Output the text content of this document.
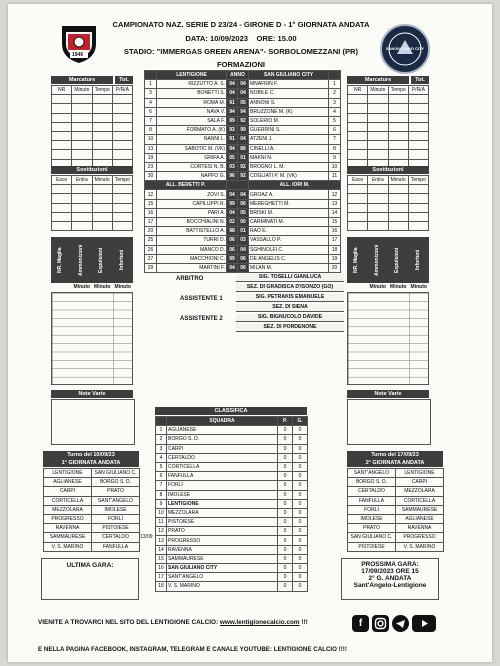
1946
SANGIULIANO CITY
CAMPIONATO NAZ. SERIE D 23/24 - GIRONE D - 1° GIORNATA ANDATA
DATA: 10/09/2023    ORE: 15.00
STADIO: "IMMERGAS GREEN ARENA"- SORBOLOMEZZANI (PR)
FORMAZIONI
	LENTIGIONE	ANNO		SAN GIULIANO CITY	
1	RIZZUTTO A. S.	04	04	MNAFRIN F.	1
3	BONETTI S.	04	04	NOBILE C.	2
4	ROMA M.	91	05	ANNONI S.	3
6	NAVA V.	94	94	BRUZZONE M. (K)	4
7	SALA F.	99	92	SOLERIO M.	5
8	FORMATO A. (K)	93	99	GUERRINI S.	6
10	NANNI L.	91	04	ATZENI J.	7
13	SABOTIC M. (VK)	94	89	CINELLI A.	8
19	GRIFA A.	05	01	MAKNI N.	9
23	CORTESI N. B.	03	92	BROGNO L. M.	10
30	NAPPO G.	96	92	COGLIATI P. M. (VK)	11
ALL. BERETTI P.				ALL. IORI M.	
12	ZOVI S.	04	04	GROAZ A.	12
15	CAPILUPPI R.	99	06	MEREGHETTI M.	13
16	PARI A.	04	05	BRISKI M.	14
17	BOCCHIALINI N.	02	00	CARMINATI M.	15
20	BATTISTELLO A.	98	01	RAO E.	16
25	TURRI D.	06	03	VASSALLO P.	17
26	MANCO D.	06	04	SGHINOLFI C.	18
27	MACCHIONI C.	99	06	DE ANGELIS C.	19
29	MARTINI F.	04	06	MILAN M.	20
Marcature	Tot.
NR	Minuto	Tempo	P/R/A

Marcature	Tot.
NR	Minuto	Tempo	P/R/A

Sostituzioni
Esce	Entra	Minuto	Tempo

Sostituzioni
Esce	Entra	Minuto	Tempo

NR. Maglia	Ammonizioni	Espulsioni	Infortuni
Minuto Minuto Minuto
NR. Maglia	Ammonizioni	Espulsioni	Infortuni
Minuto Minuto Minuto
Note Varie	Note Varie
ARBITRO	SIG. TOSELLI GIANLUCA
SEZ. DI GRADISCA D'ISONZO (GO)
ASSISTENTE 1	SIG. PETRAKIS EMANUELE
SEZ. DI SIENA
ASSISTENTE 2	SIG. BIGNUCOLO DAVIDE
SEZ. DI PORDENONE
CLASSIFICA
	SQUADRA	P.	G.
1	AGLIANESE	0	0
2	BORGO S. D.	0	0
3	CARPI	0	0
4	CERTALDO	0	0
5	CORTICELLA	0	0
6	FANFULLA	0	0
7	FORLÌ	0	0
8	IMOLESE	0	0
9	LENTIGIONE	0	0
10	MEZZOLARA	0	0
11	PISTOIESE	0	0
12	PRATO	0	0
13	PROGRESSO	0	0
14	RAVENNA	0	0
15	SAMMAURESE	0	0
16	SAN GIULIANO CITY	0	0
17	SANT'ANGELO	0	0
18	V. S. MARINO	0	0
Turno del 10/09/23
1° GIORNATA ANDATA
LENTIGIONE	SAN GIULIANO C.
AGLIANESE	BORGO S. D.
CARPI	PRATO
CORTICELLA	SANT'ANGELO
MEZZOLARA	IMOLESE
PROGRESSO	FORLÌ
RAVENNA	PISTOIESE
SAMMAURESE	CERTALDO
V. S. MARINO	FANFULLA
13/09
Turno del 17/09/23
2° GIORNATA ANDATA
SANT'ANGELO	LENTIGIONE
BORGO S. D.	CARPI
CERTALDO	MEZZOLARA
FANFULLA	CORTICELLA
FORLÌ	SAMMAURESE
IMOLESE	AGLIANESE
PRATO	RAVENNA
SAN GIULIANO C.	PROGRESSO
PISTOIESE	V. S. MARINO
ULTIMA GARA:	PROSSIMA GARA:
17/09/2023 ORE 15
2° G. ANDATA
Sant'Angelo-Lentigione
VIENITE A TROVARCI NEL SITO DEL LENTIGIONE CALCIO: www.lentigionecalcio.com !!!
E NELLA PAGINA FACEBOOK, INSTAGRAM, TELEGRAM E CANALE YOUTUBE: LENTIGIONE CALCIO !!!!
f
